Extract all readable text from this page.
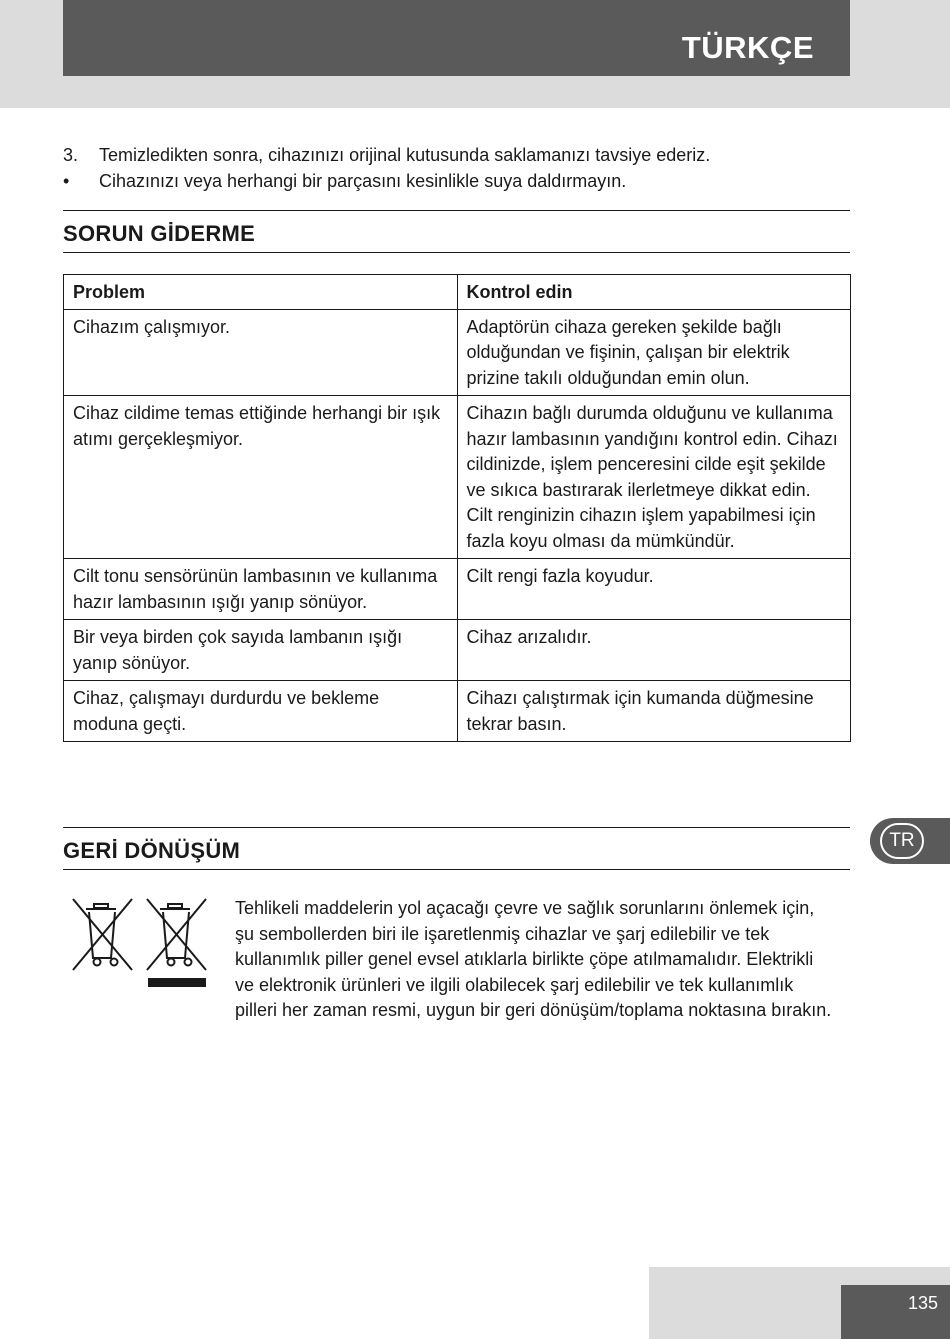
TÜRKÇE
3.	Temizledikten sonra, cihazınızı orijinal kutusunda saklamanızı tavsiye ederiz.
•	Cihazınızı veya herhangi bir parçasını kesinlikle suya daldırmayın.
SORUN GİDERME
Problem	Kontrol edin
Cihazım çalışmıyor.	Adaptörün cihaza gereken şekilde bağlı olduğundan ve fişinin, çalışan bir elektrik prizine takılı olduğundan emin olun.
Cihaz cildime temas ettiğinde herhangi bir ışık atımı gerçekleşmiyor.	Cihazın bağlı durumda olduğunu ve kullanıma hazır lambasının yandığını kontrol edin. Cihazı cildinizde, işlem penceresini cilde eşit şekilde ve sıkıca bastırarak ilerletmeye dikkat edin. Cilt renginizin cihazın işlem yapabilmesi için fazla koyu olması da mümkündür.
Cilt tonu sensörünün lambasının ve kullanıma hazır lambasının ışığı yanıp sönüyor.	Cilt rengi fazla koyudur.
Bir veya birden çok sayıda lambanın ışığı yanıp sönüyor.	Cihaz arızalıdır.
Cihaz, çalışmayı durdurdu ve bekleme moduna geçti.	Cihazı çalıştırmak için kumanda düğmesine tekrar basın.
GERİ DÖNÜŞÜM
Tehlikeli maddelerin yol açacağı çevre ve sağlık sorunlarını önlemek için, şu sembollerden biri ile işaretlenmiş cihazlar ve şarj edilebilir ve tek kullanımlık piller genel evsel atıklarla birlikte çöpe atılmamalıdır. Elektrikli ve elektronik ürünleri ve ilgili olabilecek şarj edilebilir ve tek kullanımlık pilleri her zaman resmi, uygun bir geri dönüşüm/toplama noktasına bırakın.
TR
135
